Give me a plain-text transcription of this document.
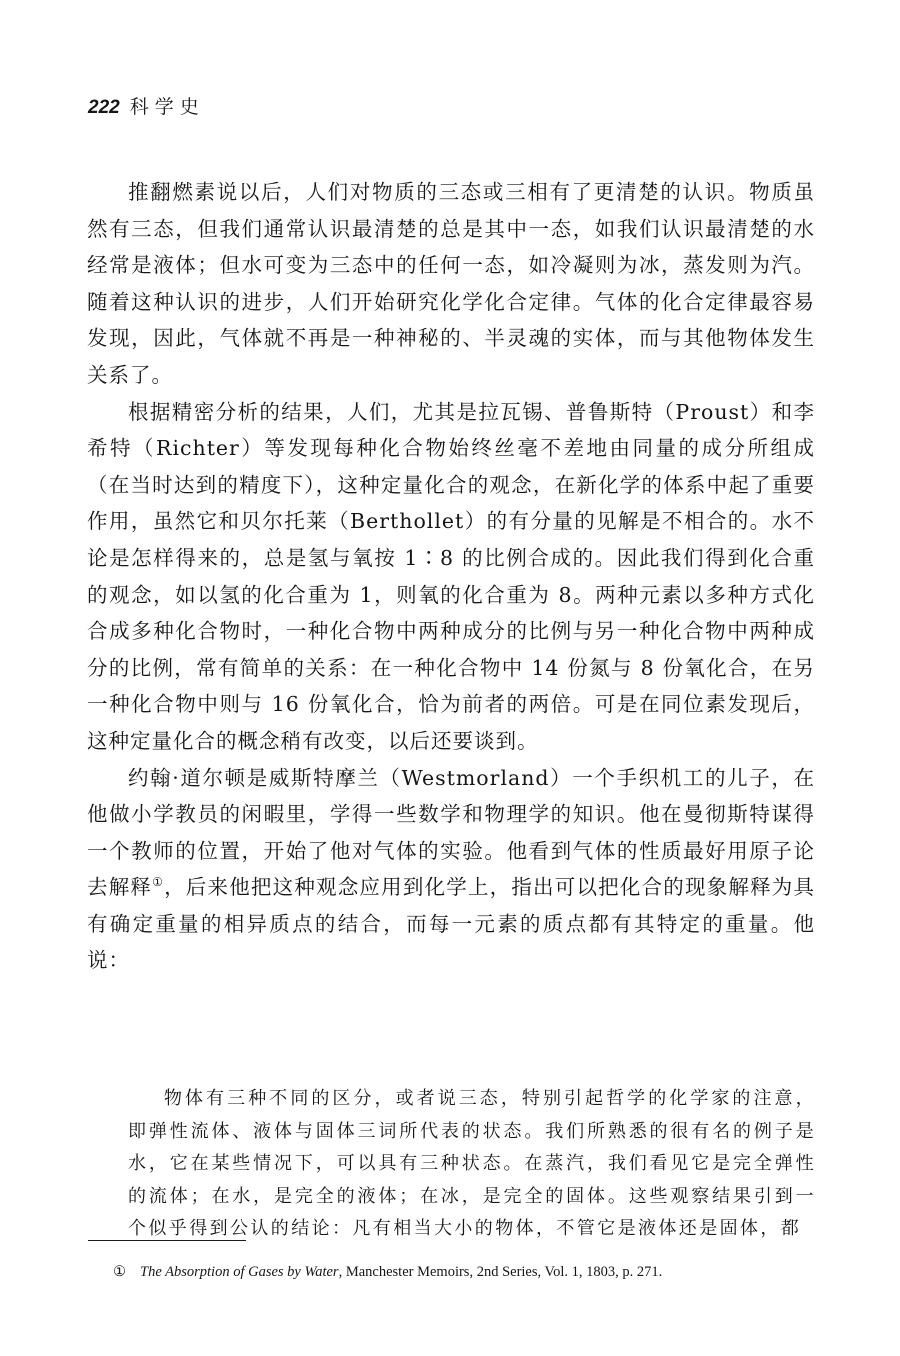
222 科学史

推翻燃素说以后，人们对物质的三态或三相有了更清楚的认识。物质虽然有三态，但我们通常认识最清楚的总是其中一态，如我们认识最清楚的水经常是液体；但水可变为三态中的任何一态，如冷凝则为冰，蒸发则为汽。随着这种认识的进步，人们开始研究化学化合定律。气体的化合定律最容易发现，因此，气体就不再是一种神秘的、半灵魂的实体，而与其他物体发生关系了。

根据精密分析的结果，人们，尤其是拉瓦锡、普鲁斯特（Proust）和李希特（Richter）等发现每种化合物始终丝毫不差地由同量的成分所组成（在当时达到的精度下），这种定量化合的观念，在新化学的体系中起了重要作用，虽然它和贝尔托莱（Berthollet）的有分量的见解是不相合的。水不论是怎样得来的，总是氢与氧按 1∶8 的比例合成的。因此我们得到化合重的观念，如以氢的化合重为 1，则氧的化合重为 8。两种元素以多种方式化合成多种化合物时，一种化合物中两种成分的比例与另一种化合物中两种成分的比例，常有简单的关系：在一种化合物中 14 份氮与 8 份氧化合，在另一种化合物中则与 16 份氧化合，恰为前者的两倍。可是在同位素发现后，这种定量化合的概念稍有改变，以后还要谈到。

约翰·道尔顿是威斯特摩兰（Westmorland）一个手织机工的儿子，在他做小学教员的闲暇里，学得一些数学和物理学的知识。他在曼彻斯特谋得一个教师的位置，开始了他对气体的实验。他看到气体的性质最好用原子论去解释①，后来他把这种观念应用到化学上，指出可以把化合的现象解释为具有确定重量的相异质点的结合，而每一元素的质点都有其特定的重量。他说：

物体有三种不同的区分，或者说三态，特别引起哲学的化学家的注意，即弹性流体、液体与固体三词所代表的状态。我们所熟悉的很有名的例子是水，它在某些情况下，可以具有三种状态。在蒸汽，我们看见它是完全弹性的流体；在水，是完全的液体；在冰，是完全的固体。这些观察结果引到一个似乎得到公认的结论：凡有相当大小的物体，不管它是液体还是固体，都

① The Absorption of Gases by Water, Manchester Memoirs, 2nd Series, Vol. 1, 1803, p. 271.
